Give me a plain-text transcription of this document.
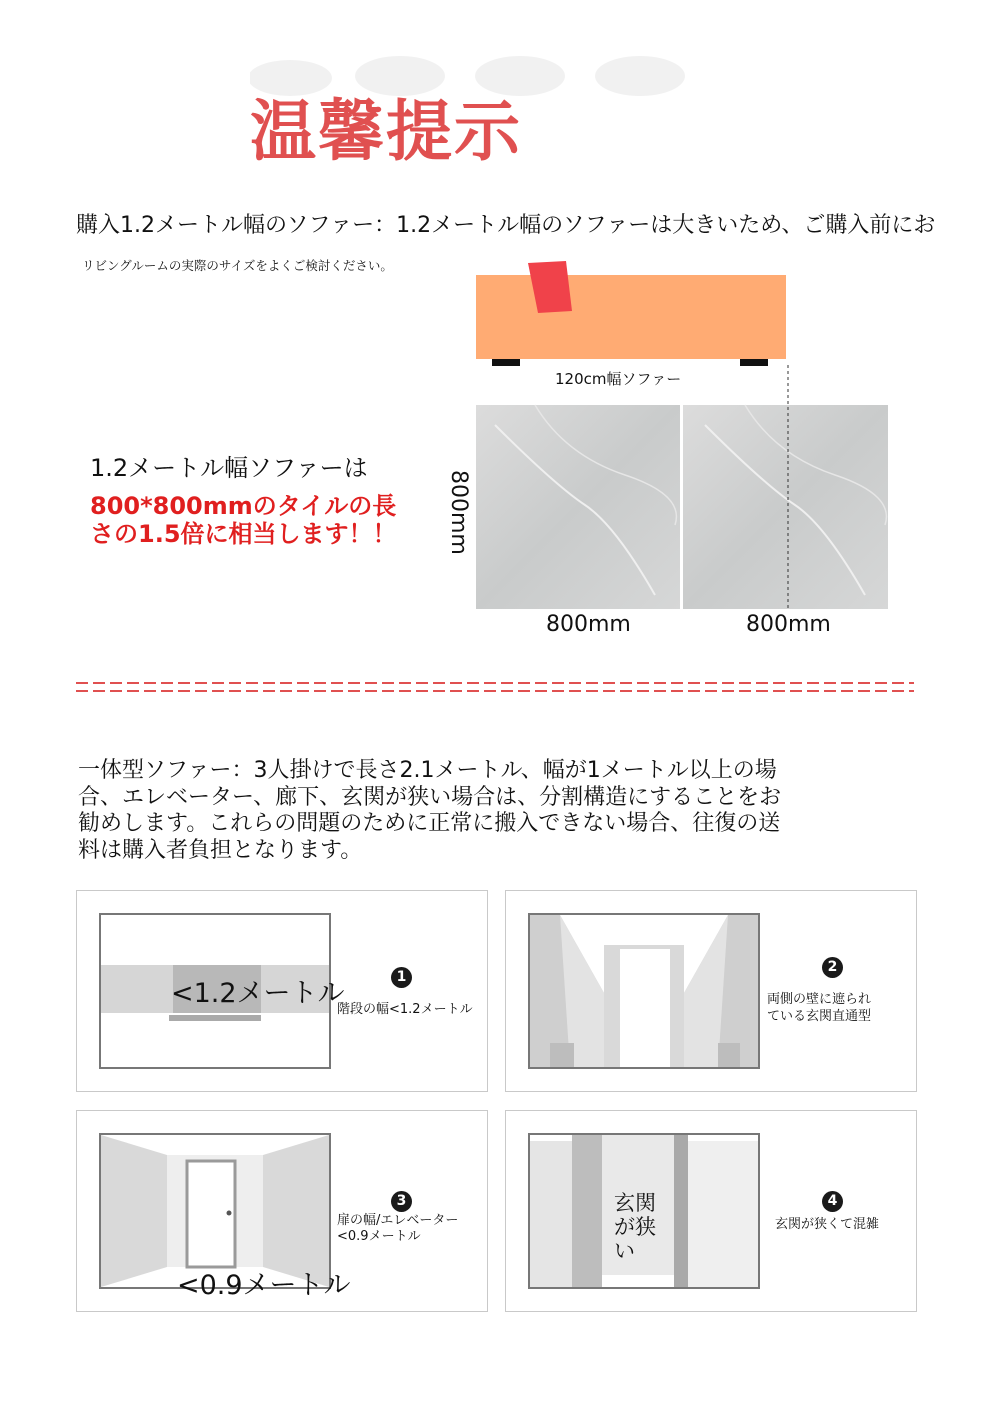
温馨提示
購入1.2メートル幅のソファー：1.2メートル幅のソファーは大きいため、ご購入前にお
リビングルームの実際のサイズをよくご検討ください。
120cm幅ソファー
1.2メートル幅ソファーは
800*800mmのタイルの長さの1.5倍に相当します！！	800mm
800mm	800mm
一体型ソファー：3人掛けで長さ2.1メートル、幅が1メートル以上の場合、エレベーター、廊下、玄関が狭い場合は、分割構造にすることをお勧めします。これらの問題のために正常に搬入できない場合、往復の送料は購入者負担となります。
<1.2メートル
1
階段の幅<1.2メートル
2
両側の壁に遮られ
ている玄関直通型
<0.9メートル
3
扉の幅/エレベーター
<0.9メートル
玄関
が狭
い
4
玄関が狭くて混雑
